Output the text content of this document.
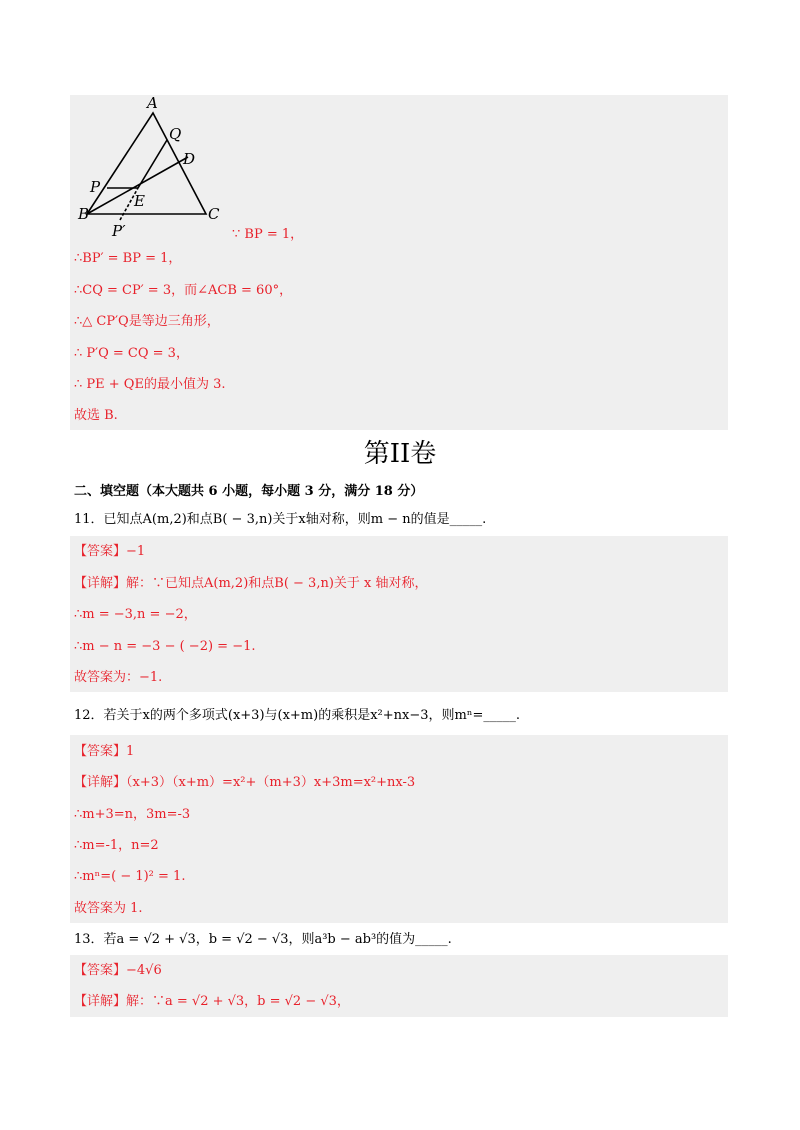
A
Q
D
P
E
B	C
P′	∵ BP = 1，
∴BP′ = BP = 1，
∴CQ = CP′ = 3，而∠ACB = 60°，
∴△ CP′Q是等边三角形，
∴ P′Q = CQ = 3，
∴ PE + QE的最小值为 3.
故选 B.
第II卷
二、填空题（本大题共 6 小题，每小题 3 分，满分 18 分）
11．已知点A(m,2)和点B( − 3,n)关于x轴对称，则m − n的值是_____.
【答案】−1
【详解】解：∵已知点A(m,2)和点B( − 3,n)关于 x 轴对称，
∴m = −3,n = −2，
∴m − n = −3 − ( −2) = −1.
故答案为：−1.
12．若关于x的两个多项式(x+3)与(x+m)的乘积是x²+nx−3，则mⁿ=_____.
【答案】1
【详解】（x+3）（x+m）=x²+（m+3）x+3m=x²+nx-3
∴m+3=n，3m=-3
∴m=-1，n=2
∴mⁿ=( − 1)² = 1.
故答案为 1.
13．若a = √2 + √3，b = √2 − √3，则a³b − ab³的值为_____.
【答案】−4√6
【详解】解：∵a = √2 + √3，b = √2 − √3，
